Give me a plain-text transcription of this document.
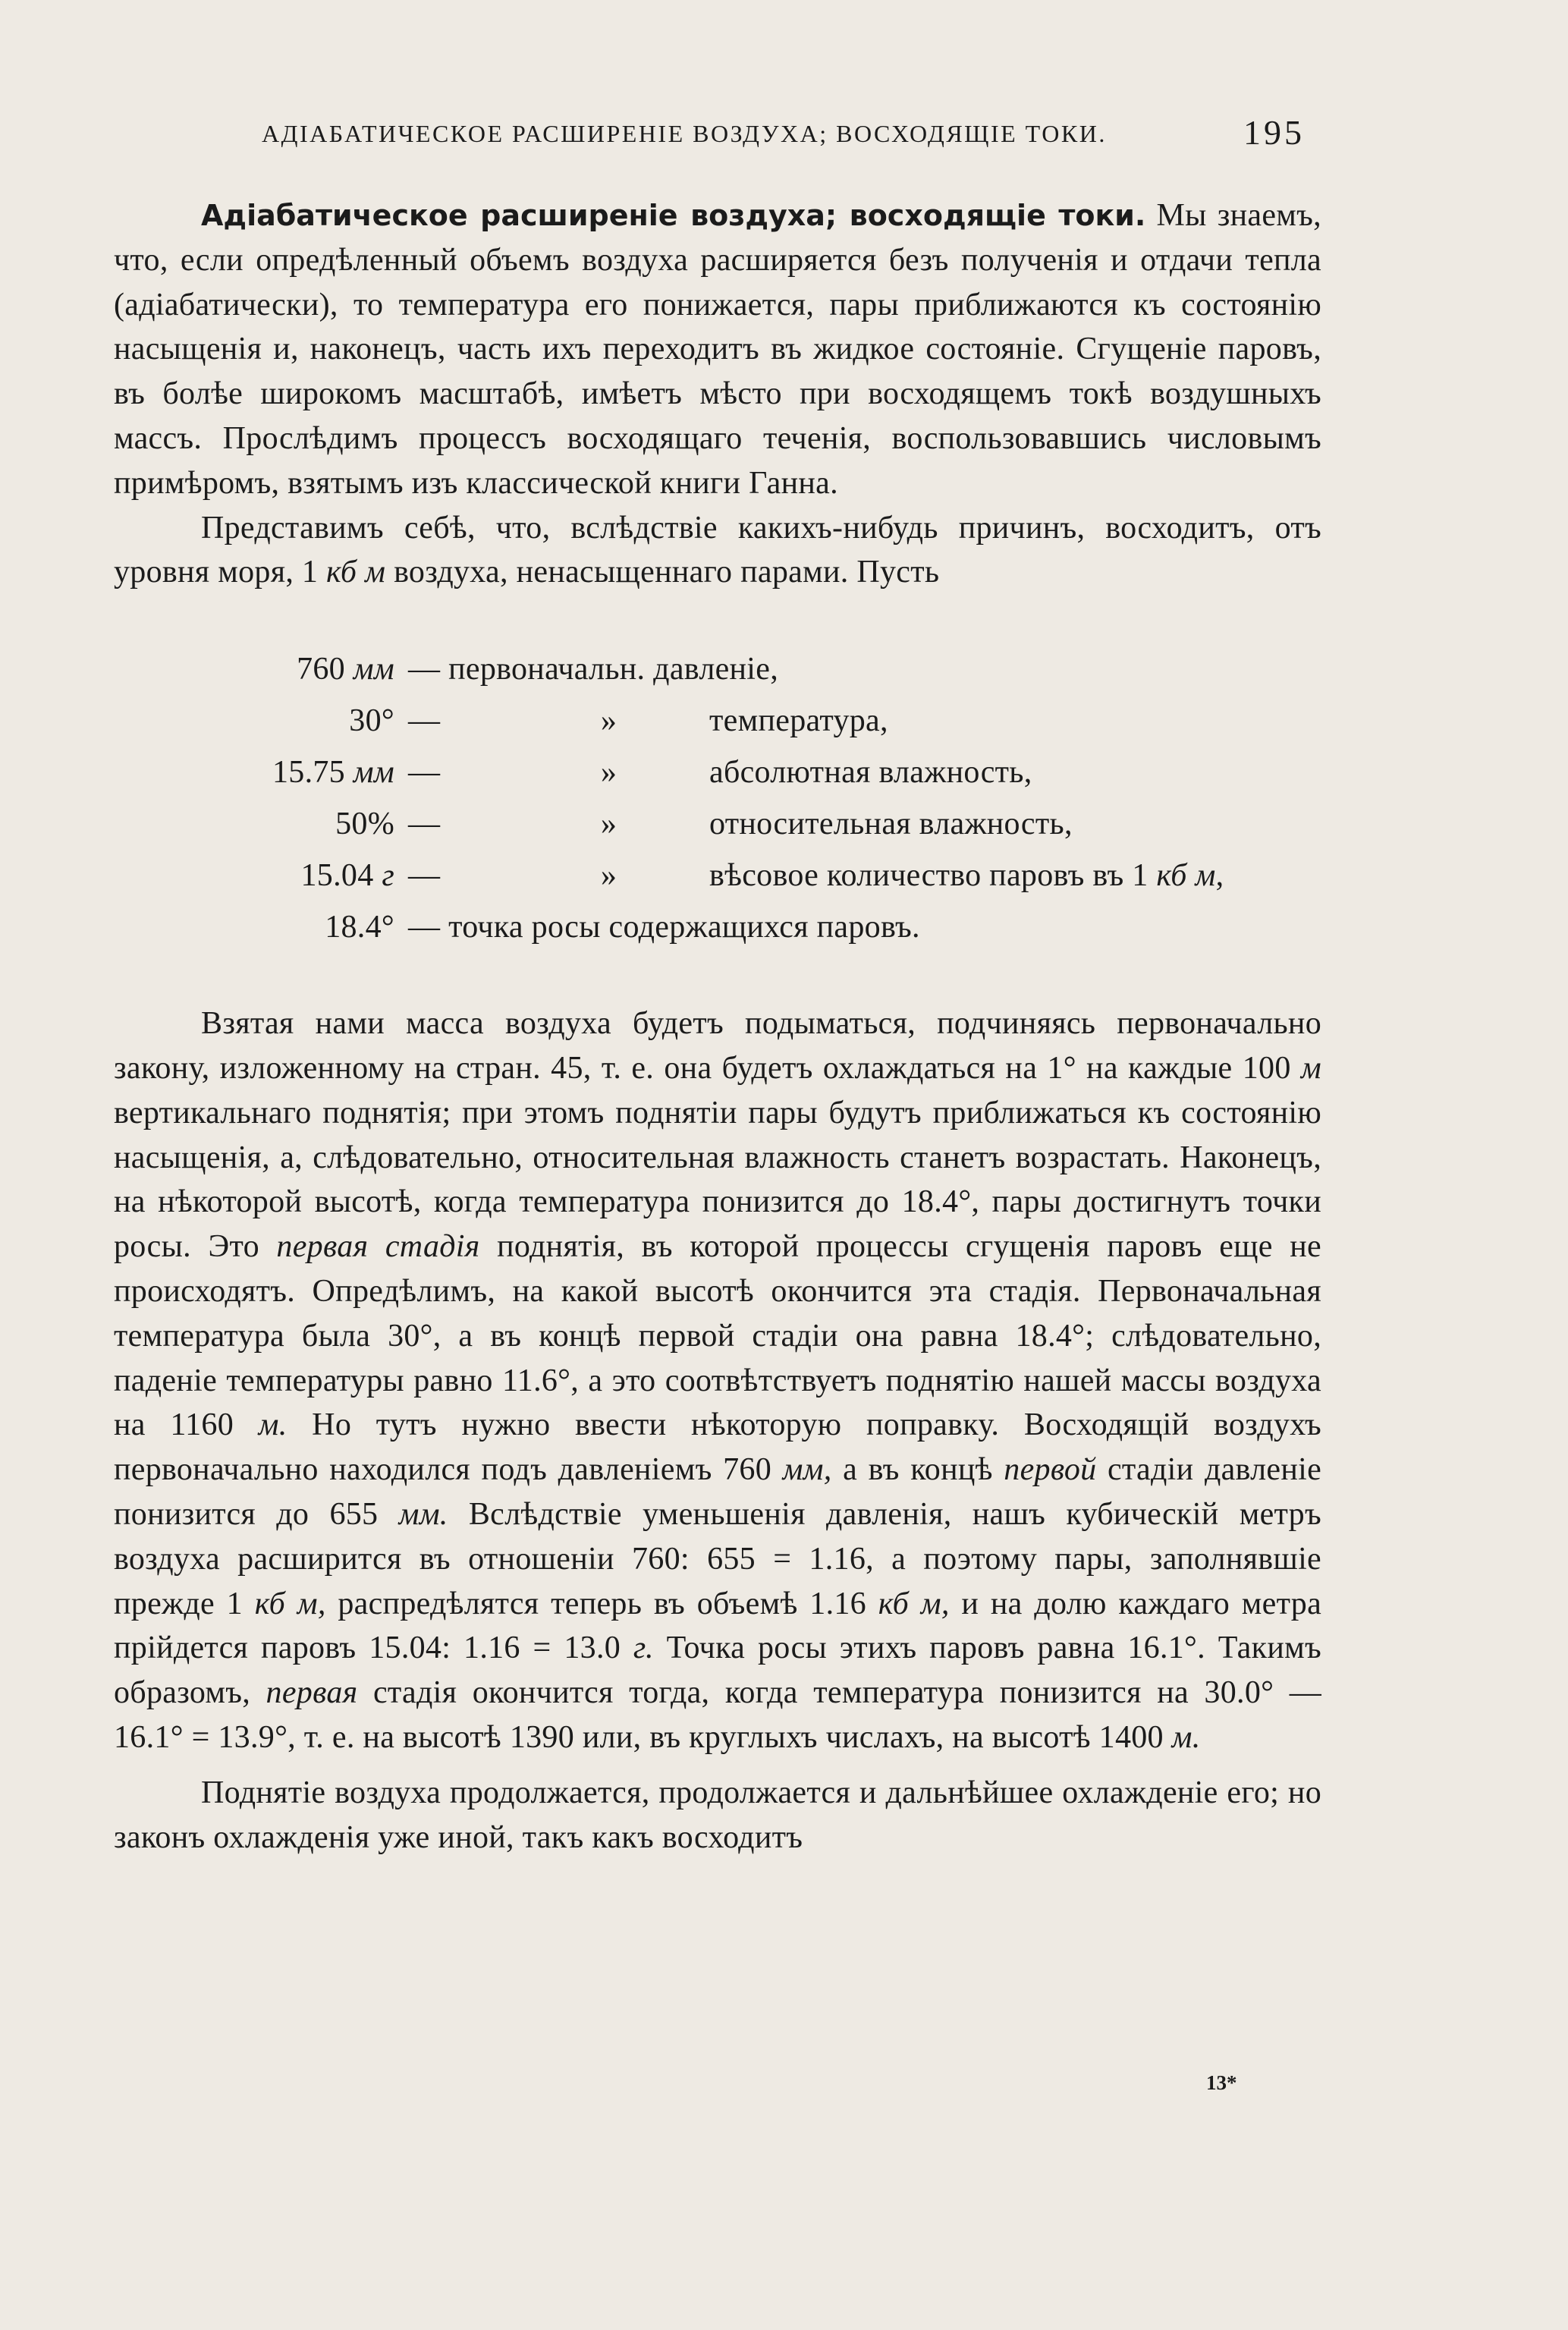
АДІАБАТИЧЕСКОЕ РАСШИРЕНІЕ ВОЗДУХА; ВОСХОДЯЩІЕ ТОКИ.	195

Адіабатическое расширеніе воздуха; восходящіе токи. Мы знаемъ, что, если опредѣленный объемъ воздуха расширяется безъ полученія и отдачи тепла (адіабатически), то температура его понижается, пары приближаются къ состоянію насыщенія и, наконецъ, часть ихъ переходитъ въ жидкое состояніе. Сгущеніе паровъ, въ болѣе широкомъ масштабѣ, имѣетъ мѣсто при восходящемъ токѣ воздушныхъ массъ. Прослѣдимъ процессъ восходящаго теченія, воспользовавшись числовымъ примѣромъ, взятымъ изъ классической книги Ганна.

Представимъ себѣ, что, вслѣдствіе какихъ-нибудь причинъ, восходитъ, отъ уровня моря, 1 кб м воздуха, ненасыщеннаго парами. Пусть

760 мм	— первоначальн. давленіе,		
30°	—	»	температура,
15.75 мм	—	»	абсолютная влажность,
50%	—	»	относительная влажность,
15.04 г	—	»	вѣсовое количество паровъ въ 1 кб м,
18.4°	— точка росы содержащихся паровъ.		

Взятая нами масса воздуха будетъ подыматься, подчиняясь первоначально закону, изложенному на стран. 45, т. е. она будетъ охлаждаться на 1° на каждые 100 м вертикальнаго поднятія; при этомъ поднятіи пары будутъ приближаться къ состоянію насыщенія, а, слѣдовательно, относительная влажность станетъ возрастать. Наконецъ, на нѣкоторой высотѣ, когда температура понизится до 18.4°, пары достигнутъ точки росы. Это первая стадія поднятія, въ которой процессы сгущенія паровъ еще не происходятъ. Опредѣлимъ, на какой высотѣ окончится эта стадія. Первоначальная температура была 30°, а въ концѣ первой стадіи она равна 18.4°; слѣдовательно, паденіе температуры равно 11.6°, а это соотвѣтствуетъ поднятію нашей массы воздуха на 1160 м. Но тутъ нужно ввести нѣкоторую поправку. Восходящій воздухъ первоначально находился подъ давленіемъ 760 мм, а въ концѣ первой стадіи давленіе понизится до 655 мм. Вслѣдствіе уменьшенія давленія, нашъ кубическій метръ воздуха расширится въ отношеніи 760: 655 = 1.16, а поэтому пары, заполнявшіе прежде 1 кб м, распредѣлятся теперь въ объемѣ 1.16 кб м, и на долю каждаго метра прійдется паровъ 15.04: 1.16 = 13.0 г. Точка росы этихъ паровъ равна 16.1°. Такимъ образомъ, первая стадія окончится тогда, когда температура понизится на 30.0° — 16.1° = 13.9°, т. е. на высотѣ 1390 или, въ круглыхъ числахъ, на высотѣ 1400 м.

Поднятіе воздуха продолжается, продолжается и дальнѣйшее охлажденіе его; но законъ охлажденія уже иной, такъ какъ восходитъ

13*
